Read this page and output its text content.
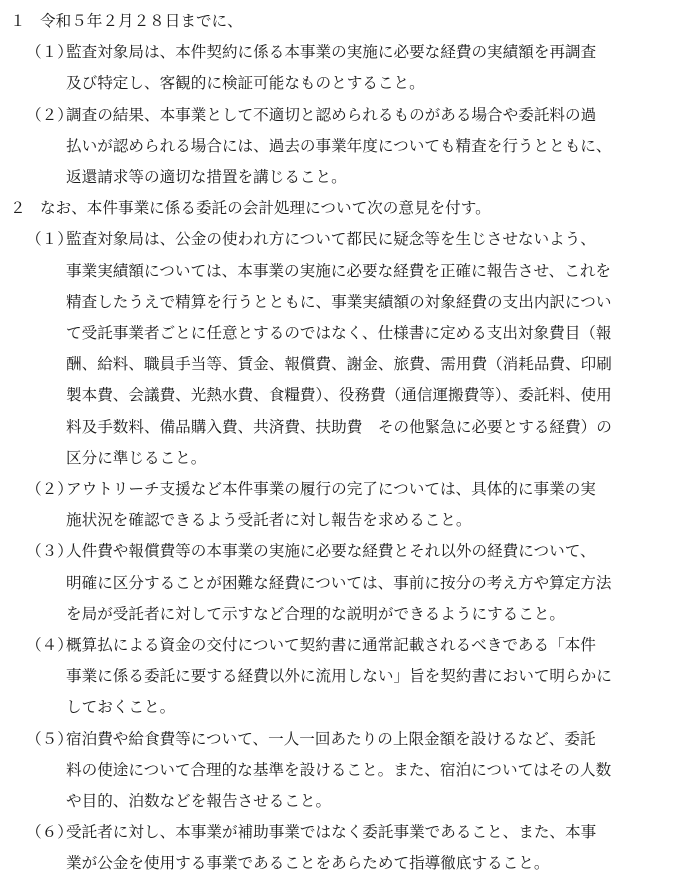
１ 令和５年２月２８日までに、
（１）
監査対象局は、本件契約に係る本事業の実施に必要な経費の実績額を再調査
及び特定し、客観的に検証可能なものとすること。
（２）
調査の結果、本事業として不適切と認められるものがある場合や委託料の過
払いが認められる場合には、過去の事業年度についても精査を行うとともに、
返還請求等の適切な措置を講じること。
２ なお、本件事業に係る委託の会計処理について次の意見を付す。
（１）
監査対象局は、公金の使われ方について都民に疑念等を生じさせないよう、
事業実績額については、本事業の実施に必要な経費を正確に報告させ、これを
精査したうえで精算を行うとともに、事業実績額の対象経費の支出内訳につい
て受託事業者ごとに任意とするのではなく、仕様書に定める支出対象費目（報
酬、給料、職員手当等、賃金、報償費、謝金、旅費、需用費（消耗品費、印刷
製本費、会議費、光熱水費、食糧費）、役務費（通信運搬費等）、委託料、使用
料及手数料、備品購入費、共済費、扶助費　その他緊急に必要とする経費）の
区分に準じること。
（２）
アウトリーチ支援など本件事業の履行の完了については、具体的に事業の実
施状況を確認できるよう受託者に対し報告を求めること。
（３）
人件費や報償費等の本事業の実施に必要な経費とそれ以外の経費について、
明確に区分することが困難な経費については、事前に按分の考え方や算定方法
を局が受託者に対して示すなど合理的な説明ができるようにすること。
（４）
概算払による資金の交付について契約書に通常記載されるべきである「本件
事業に係る委託に要する経費以外に流用しない」旨を契約書において明らかに
しておくこと。
（５）
宿泊費や給食費等について、一人一回あたりの上限金額を設けるなど、委託
料の使途について合理的な基準を設けること。また、宿泊についてはその人数
や目的、泊数などを報告させること。
（６）
受託者に対し、本事業が補助事業ではなく委託事業であること、また、本事
業が公金を使用する事業であることをあらためて指導徹底すること。
